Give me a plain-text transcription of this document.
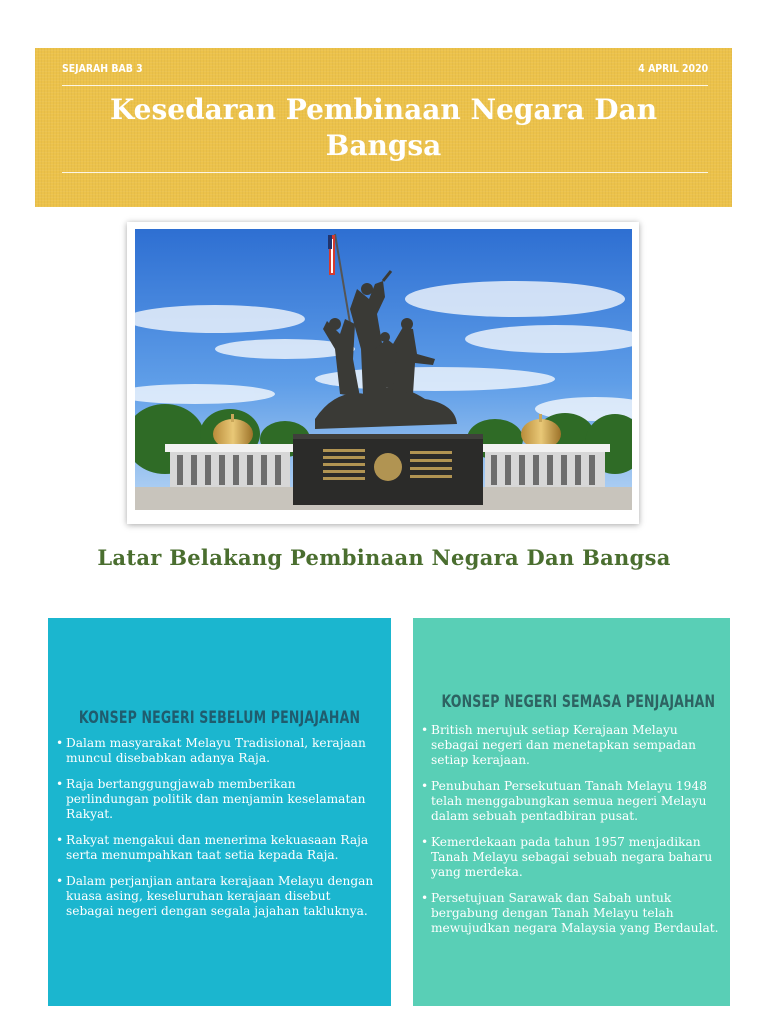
SEJARAH BAB 3	4 APRIL 2020
Kesedaran Pembinaan Negara Dan Bangsa
Latar Belakang Pembinaan Negara Dan Bangsa
KONSEP NEGERI SEBELUM PENJAJAHAN
• Dalam masyarakat Melayu Tradisional, kerajaan muncul disebabkan adanya Raja.
• Raja bertanggungjawab memberikan perlindungan politik dan menjamin keselamatan Rakyat.
• Rakyat mengakui dan menerima kekuasaan Raja serta menumpahkan taat setia kepada Raja.
• Dalam perjanjian antara kerajaan Melayu dengan kuasa asing, keseluruhan kerajaan disebut sebagai negeri dengan segala jajahan takluknya.
KONSEP NEGERI SEMASA PENJAJAHAN
• British merujuk setiap Kerajaan Melayu sebagai negeri dan menetapkan sempadan setiap kerajaan.
• Penubuhan Persekutuan Tanah Melayu 1948 telah menggabungkan semua negeri Melayu dalam sebuah pentadbiran pusat.
• Kemerdekaan pada tahun 1957 menjadikan Tanah Melayu sebagai sebuah negara baharu yang merdeka.
• Persetujuan Sarawak dan Sabah untuk bergabung dengan Tanah Melayu telah mewujudkan negara Malaysia yang Berdaulat.
